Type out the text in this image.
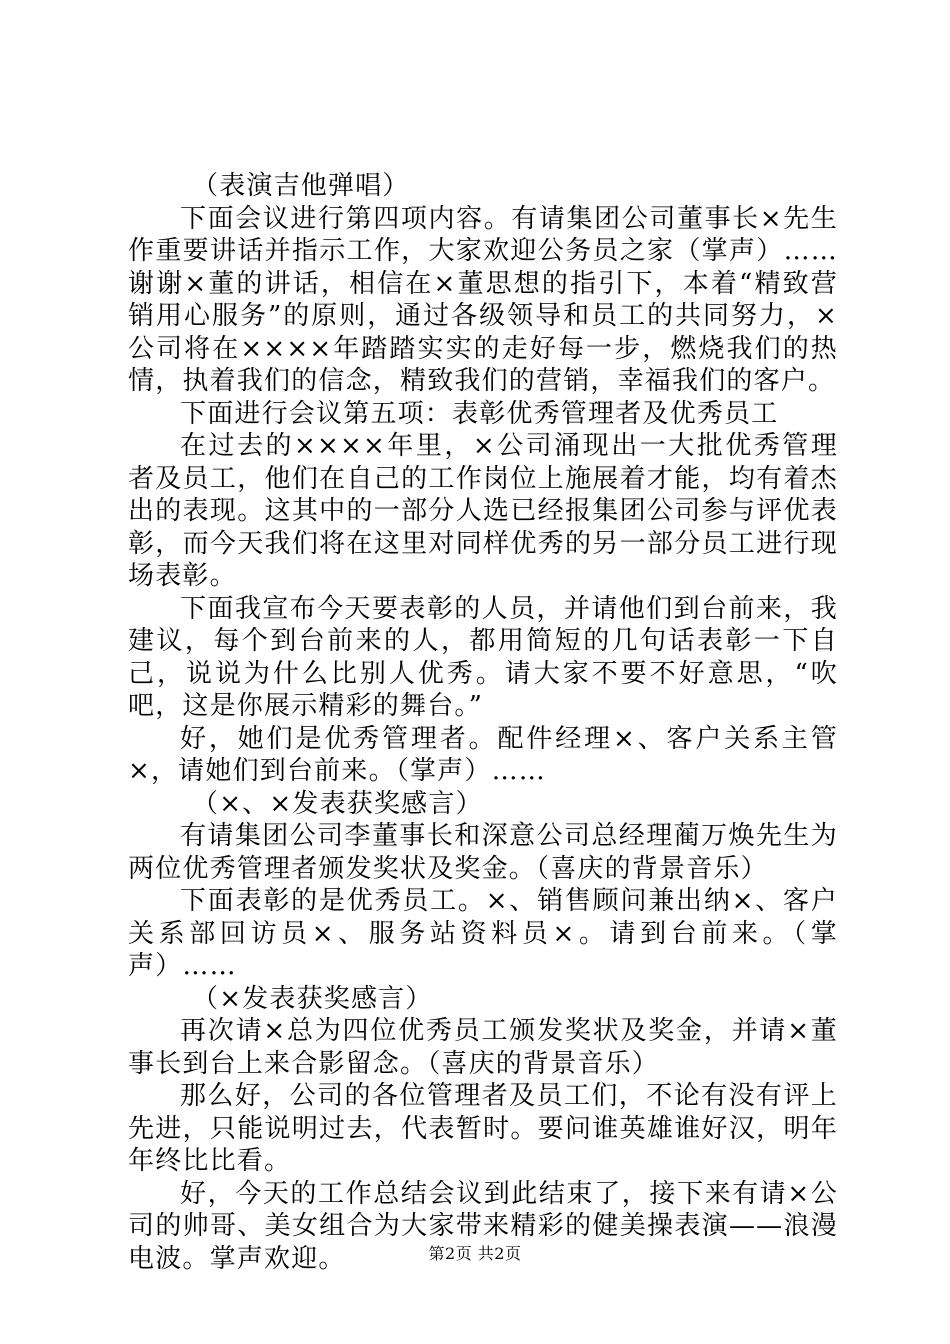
（表演吉他弹唱）

下面会议进行第四项内容。有请集团公司董事长×先生作重要讲话并指示工作，大家欢迎公务员之家（掌声）……谢谢×董的讲话，相信在×董思想的指引下，本着“精致营销用心服务”的原则，通过各级领导和员工的共同努力，×公司将在××××年踏踏实实的走好每一步，燃烧我们的热情，执着我们的信念，精致我们的营销，幸福我们的客户。

下面进行会议第五项：表彰优秀管理者及优秀员工

在过去的××××年里，×公司涌现出一大批优秀管理者及员工，他们在自己的工作岗位上施展着才能，均有着杰出的表现。这其中的一部分人选已经报集团公司参与评优表彰，而今天我们将在这里对同样优秀的另一部分员工进行现场表彰。

下面我宣布今天要表彰的人员，并请他们到台前来，我建议，每个到台前来的人，都用简短的几句话表彰一下自己，说说为什么比别人优秀。请大家不要不好意思，“吹吧，这是你展示精彩的舞台。”

好，她们是优秀管理者。配件经理×、客户关系主管×，请她们到台前来。（掌声）……

（×、×发表获奖感言）

有请集团公司李董事长和深意公司总经理蔺万焕先生为两位优秀管理者颁发奖状及奖金。（喜庆的背景音乐）

下面表彰的是优秀员工。×、销售顾问兼出纳×、客户关系部回访员×、服务站资料员×。请到台前来。（掌声）……

（×发表获奖感言）

再次请×总为四位优秀员工颁发奖状及奖金，并请×董事长到台上来合影留念。（喜庆的背景音乐）

那么好，公司的各位管理者及员工们，不论有没有评上先进，只能说明过去，代表暂时。要问谁英雄谁好汉，明年年终比比看。

好，今天的工作总结会议到此结束了，接下来有请×公司的帅哥、美女组合为大家带来精彩的健美操表演——浪漫电波。掌声欢迎。	第2页 共2页
